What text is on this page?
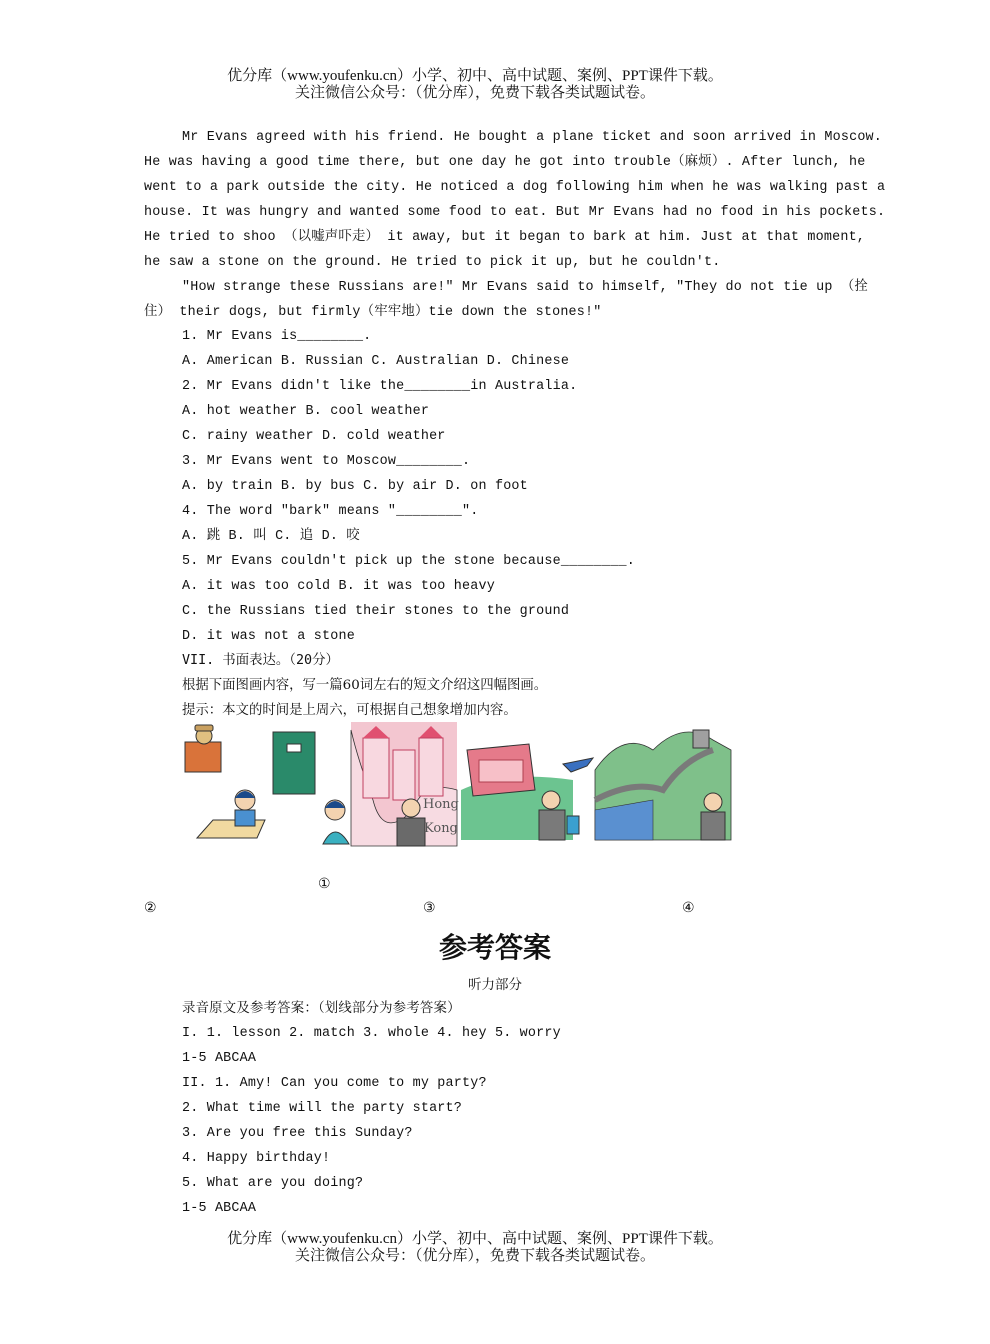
优分库（www.youfenku.cn）小学、初中、高中试题、案例、PPT课件下载。
关注微信公众号：（优分库），免费下载各类试题试卷。
Mr Evans agreed with his friend. He bought a plane ticket and soon arrived in Moscow.
He was having a good time there, but one day he got into trouble（麻烦）. After lunch, he
went to a park outside the city. He noticed a dog following him when he was walking past a
house. It was hungry and wanted some food to eat. But Mr Evans had no food in his pockets.
He tried to shoo （以嘘声吓走） it away, but it began to bark at him. Just at that moment,
he saw a stone on the ground. He tried to pick it up, but he couldn't.
"How strange these Russians are!" Mr Evans said to himself, "They do not tie up （拴
住） their dogs, but firmly（牢牢地）tie down the stones!"
1. Mr Evans is________.
A. American B. Russian C. Australian D. Chinese
2. Mr Evans didn't like the________in Australia.
A. hot weather B. cool weather
C. rainy weather D. cold weather
3. Mr Evans went to Moscow________.
A. by train B. by bus C. by air D. on foot
4. The word "bark" means "________".
A. 跳 B. 叫 C. 追 D. 咬
5. Mr Evans couldn't pick up the stone because________.
A. it was too cold B. it was too heavy
C. the Russians tied their stones to the ground
D. it was not a stone
VII. 书面表达。（20分）
根据下面图画内容，写一篇60词左右的短文介绍这四幅图画。
提示：本文的时间是上周六，可根据自己想象增加内容。
Hong
Kong
①
②	③	④
参考答案
听力部分
录音原文及参考答案：（划线部分为参考答案）
I. 1. lesson 2. match 3. whole 4. hey 5. worry
1-5 ABCAA
II. 1. Amy! Can you come to my party?
2. What time will the party start?
3. Are you free this Sunday?
4. Happy birthday!
5. What are you doing?
1-5 ABCAA
优分库（www.youfenku.cn）小学、初中、高中试题、案例、PPT课件下载。
关注微信公众号：（优分库），免费下载各类试题试卷。
